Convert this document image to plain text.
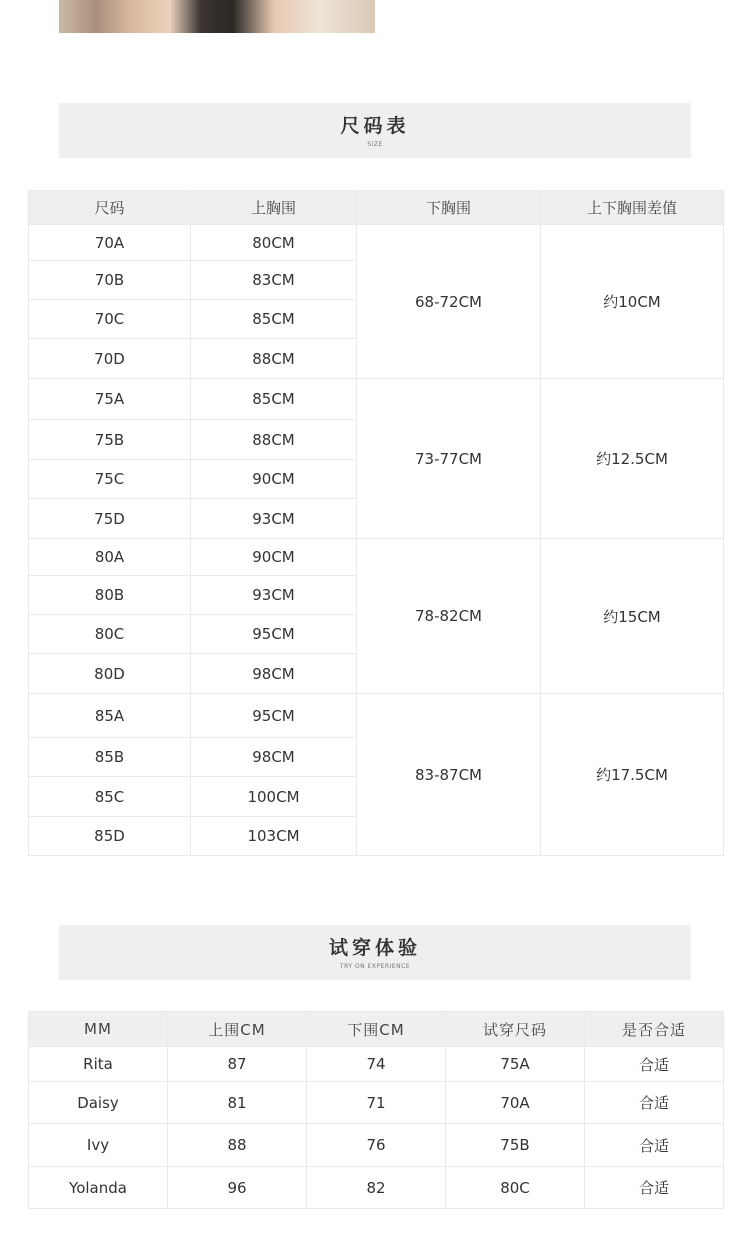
尺码表
SIZE
尺码	上胸围	下胸围	上下胸围差值
70A	80CM	68-72CM	约10CM
70B	83CM		
70C	85CM		
70D	88CM		
75A	85CM	73-77CM	约12.5CM
75B	88CM		
75C	90CM		
75D	93CM		
80A	90CM	78-82CM	约15CM
80B	93CM		
80C	95CM		
80D	98CM		
85A	95CM	83-87CM	约17.5CM
85B	98CM		
85C	100CM		
85D	103CM		
试穿体验
TRY ON EXPERIENCE
MM	上围CM	下围CM	试穿尺码	是否合适
Rita	87	74	75A	合适
Daisy	81	71	70A	合适
Ivy	88	76	75B	合适
Yolanda	96	82	80C	合适
